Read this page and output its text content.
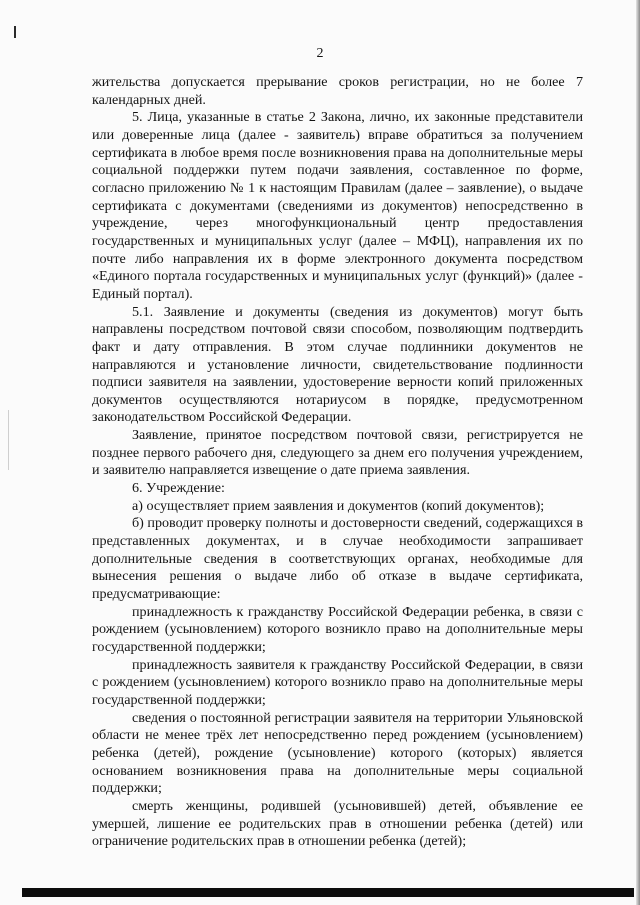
2

жительства допускается прерывание сроков регистрации, но не более 7 календарных дней.

5. Лица, указанные в статье 2 Закона, лично, их законные представители или доверенные лица (далее - заявитель) вправе обратиться за получением сертификата в любое время после возникновения права на дополнительные меры социальной поддержки путем подачи заявления, составленное по форме, согласно приложению № 1 к настоящим Правилам (далее – заявление), о выдаче сертификата с документами (сведениями из документов) непосредственно в учреждение, через многофункциональный центр предоставления государственных и муниципальных услуг (далее – МФЦ), направления их по почте либо направления их в форме электронного документа посредством «Единого портала государственных и муниципальных услуг (функций)» (далее - Единый портал).

5.1. Заявление и документы (сведения из документов) могут быть направлены посредством почтовой связи способом, позволяющим подтвердить факт и дату отправления. В этом случае подлинники документов не направляются и установление личности, свидетельствование подлинности подписи заявителя на заявлении, удостоверение верности копий приложенных документов осуществляются нотариусом в порядке, предусмотренном законодательством Российской Федерации.

Заявление, принятое посредством почтовой связи, регистрируется не позднее первого рабочего дня, следующего за днем его получения учреждением, и заявителю направляется извещение о дате приема заявления.

6. Учреждение:

а) осуществляет прием заявления и документов (копий документов);

б) проводит проверку полноты и достоверности сведений, содержащихся в представленных документах, и в случае необходимости запрашивает дополнительные сведения в соответствующих органах, необходимые для вынесения решения о выдаче либо об отказе в выдаче сертификата, предусматривающие:

принадлежность к гражданству Российской Федерации ребенка, в связи с рождением (усыновлением) которого возникло право на дополнительные меры государственной поддержки;

принадлежность заявителя к гражданству Российской Федерации, в связи с рождением (усыновлением) которого возникло право на дополнительные меры государственной поддержки;

сведения о постоянной регистрации заявителя на территории Ульяновской области не менее трёх лет непосредственно перед рождением (усыновлением) ребенка (детей), рождение (усыновление) которого (которых) является основанием возникновения права на дополнительные меры социальной поддержки;

смерть женщины, родившей (усыновившей) детей, объявление ее умершей, лишение ее родительских прав в отношении ребенка (детей) или ограничение родительских прав в отношении ребенка (детей);
